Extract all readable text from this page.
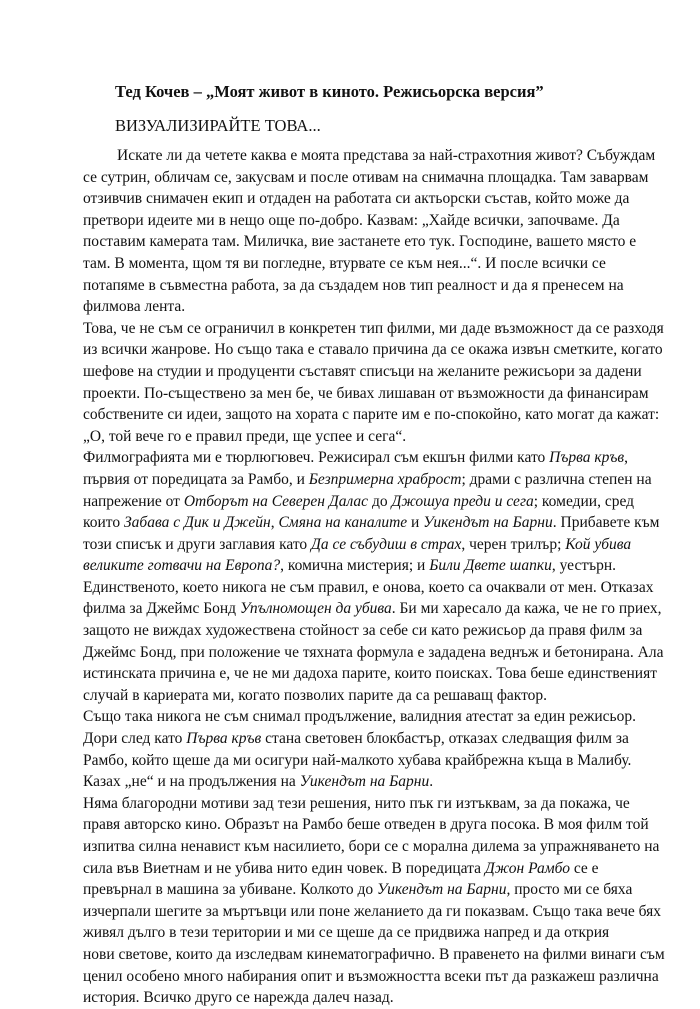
Тед Кочев – „Моят живот в киното. Режисьорска версия”

ВИЗУАЛИЗИРАЙТЕ ТОВА...

Искате ли да четете каква е моята представа за най-страхотния живот? Събуждам
се сутрин, обличам се, закусвам и после отивам на снимачна площадка. Там заварвам
отзивчив снимачен екип и отдаден на работата си актьорски състав, който може да
претвори идеите ми в нещо още по-добро. Казвам: „Хайде всички, започваме. Да
поставим камерата там. Миличка, вие застанете ето тук. Господине, вашето място е
там. В момента, щом тя ви погледне, втурвате се към нея...“. И после всички се
потапяме в съвместна работа, за да създадем нов тип реалност и да я пренесем на
филмова лента.
Това, че не съм се ограничил в конкретен тип филми, ми даде възможност да се разходя
из всички жанрове. Но също така е ставало причина да се окажа извън сметките, когато
шефове на студии и продуценти съставят списъци на желаните режисьори за дадени
проекти. По-съществено за мен бе, че бивах лишаван от възможности да финансирам
собствените си идеи, защото на хората с парите им е по-спокойно, като могат да кажат:
„О, той вече го е правил преди, ще успее и сега“.
Филмографията ми е тюрлюгювеч. Режисирал съм екшън филми като Първа кръв,
първия от поредицата за Рамбо, и Безпримерна храброст; драми с различна степен на
напрежение от Отборът на Северен Далас до Джошуа преди и сега; комедии, сред
които Забава с Дик и Джейн, Смяна на каналите и Уикендът на Барни. Прибавете към
този списък и други заглавия като Да се събудиш в страх, черен трилър; Кой убива
великите готвачи на Европа?, комична мистерия; и Били Двете шапки, уестърн.
Единственото, което никога не съм правил, е онова, което са очаквали от мен. Отказах
филма за Джеймс Бонд Упълномощен да убива. Би ми харесало да кажа, че не го приех,
защото не виждах художествена стойност за себе си като режисьор да правя филм за
Джеймс Бонд, при положение че тяхната формула е зададена веднъж и бетонирана. Ала
истинската причина е, че не ми дадоха парите, които поисках. Това беше единственият
случай в кариерата ми, когато позволих парите да са решаващ фактор.
Също така никога не съм снимал продължение, валидния атестат за един режисьор.
Дори след като Първа кръв стана световен блокбастър, отказах следващия филм за
Рамбо, който щеше да ми осигури най-малкото хубава крайбрежна къща в Малибу.
Казах „не“ и на продължения на Уикендът на Барни.
Няма благородни мотиви зад тези решения, нито пък ги изтъквам, за да покажа, че
правя авторско кино. Образът на Рамбо беше отведен в друга посока. В моя филм той
изпитва силна ненавист към насилието, бори се с морална дилема за упражняването на
сила във Виетнам и не убива нито един човек. В поредицата Джон Рамбо се е
превърнал в машина за убиване. Колкото до Уикендът на Барни, просто ми се бяха
изчерпали шегите за мъртъвци или поне желанието да ги показвам. Също така вече бях
живял дълго в тези територии и ми се щеше да се придвижа напред и да открия
нови светове, които да изследвам кинематографично. В правенето на филми винаги съм
ценил особено много набирания опит и възможността всеки път да разкажеш различна
история. Всичко друго се нарежда далеч назад.
